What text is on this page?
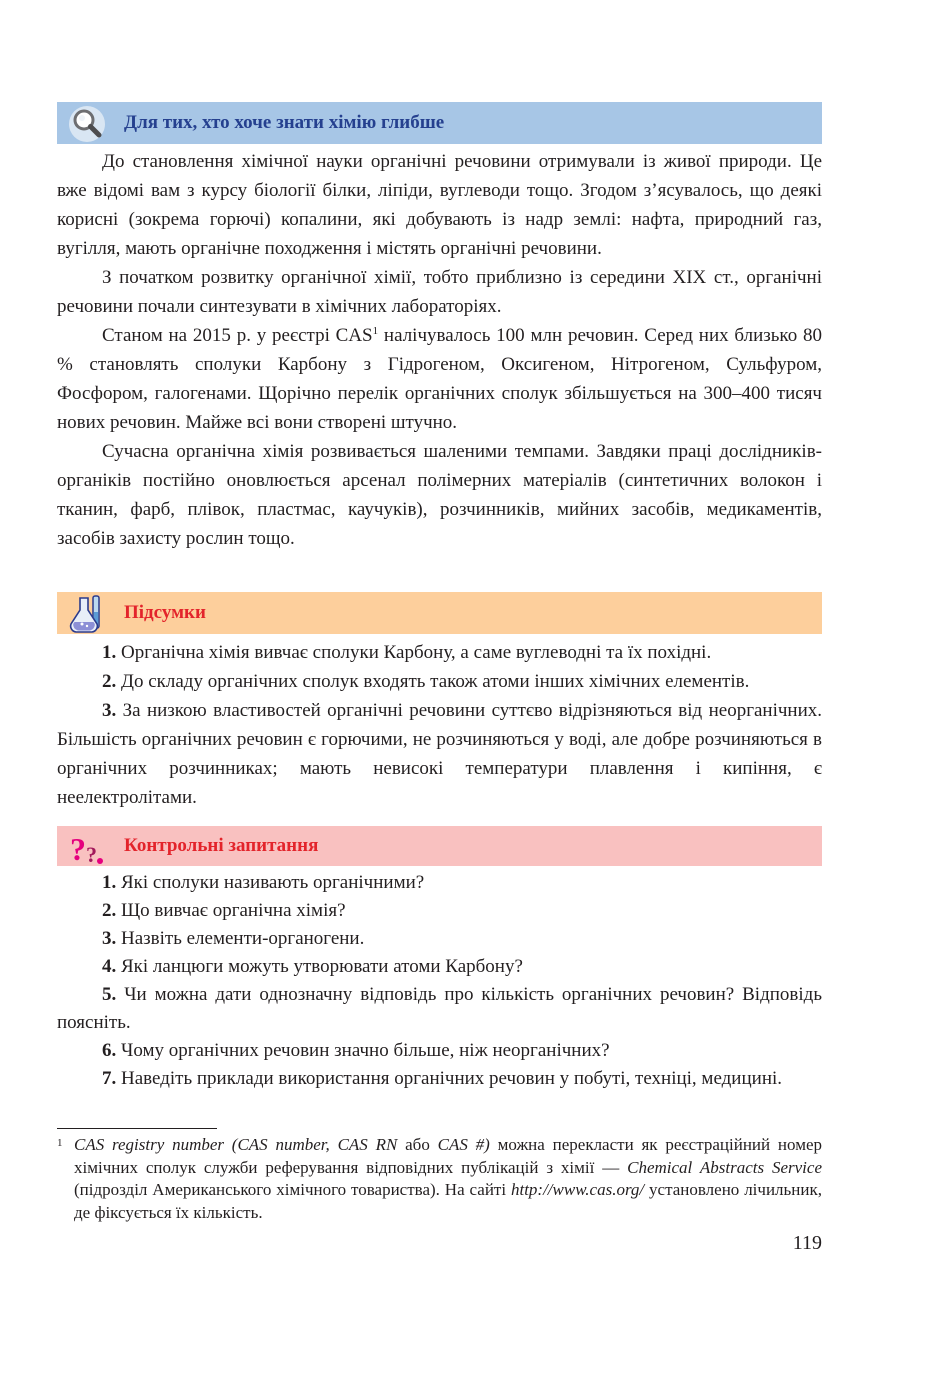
Для тих, хто хоче знати хімію глибше

До становлення хімічної науки органічні речовини отримували із живої природи. Це вже відомі вам з курсу біології білки, ліпіди, вуглеводи тощо. Згодом з’ясувалось, що деякі корисні (зокрема горючі) копалини, які добувають із надр землі: нафта, природний газ, вугілля, мають органічне походження і містять органічні речовини.

З початком розвитку органічної хімії, тобто приблизно із середини XIX ст., органічні речовини почали синтезувати в хімічних лабораторіях.

Станом на 2015 р. у реєстрі CAS$^1$ налічувалось 100 млн речовин. Серед них близько 80 % становлять сполуки Карбону з Гідрогеном, Оксигеном, Нітрогеном, Сульфуром, Фосфором, галогенами. Щорічно перелік органічних сполук збільшується на 300–400 тисяч нових речовин. Майже всі вони створені штучно.

Сучасна органічна хімія розвивається шаленими темпами. Завдяки праці дослідників-органіків постійно оновлюється арсенал полімерних матеріалів (синтетичних волокон і тканин, фарб, плівок, пластмас, каучуків), розчинників, мийних засобів, медикаментів, засобів захисту рослин тощо.

Підсумки

1. Органічна хімія вивчає сполуки Карбону, а саме вуглеводні та їх похідні.

2. До складу органічних сполук входять також атоми інших хімічних елементів.

3. За низкою властивостей органічні речовини суттєво відрізняються від неорганічних. Більшість органічних речовин є горючими, не розчиняються у воді, але добре розчиняються в органічних розчинниках; мають невисокі температури плавлення і кипіння, є неелектролітами.

? ? Контрольні запитання

1. Які сполуки називають органічними?

2. Що вивчає органічна хімія?

3. Назвіть елементи-органогени.

4. Які ланцюги можуть утворювати атоми Карбону?

5. Чи можна дати однозначну відповідь про кількість органічних речовин? Відповідь поясніть.

6. Чому органічних речовин значно більше, ніж неорганічних?

7. Наведіть приклади використання органічних речовин у побуті, техніці, медицині.

1 CAS registry number (CAS number, CAS RN або CAS #) можна перекласти як реєстраційний номер хімічних сполук служби реферування відповідних публікацій з хімії — Chemical Abstracts Service (підрозділ Американського хімічного товариства). На сайті http://www.cas.org/ установлено лічильник, де фіксується їх кількість.
119
